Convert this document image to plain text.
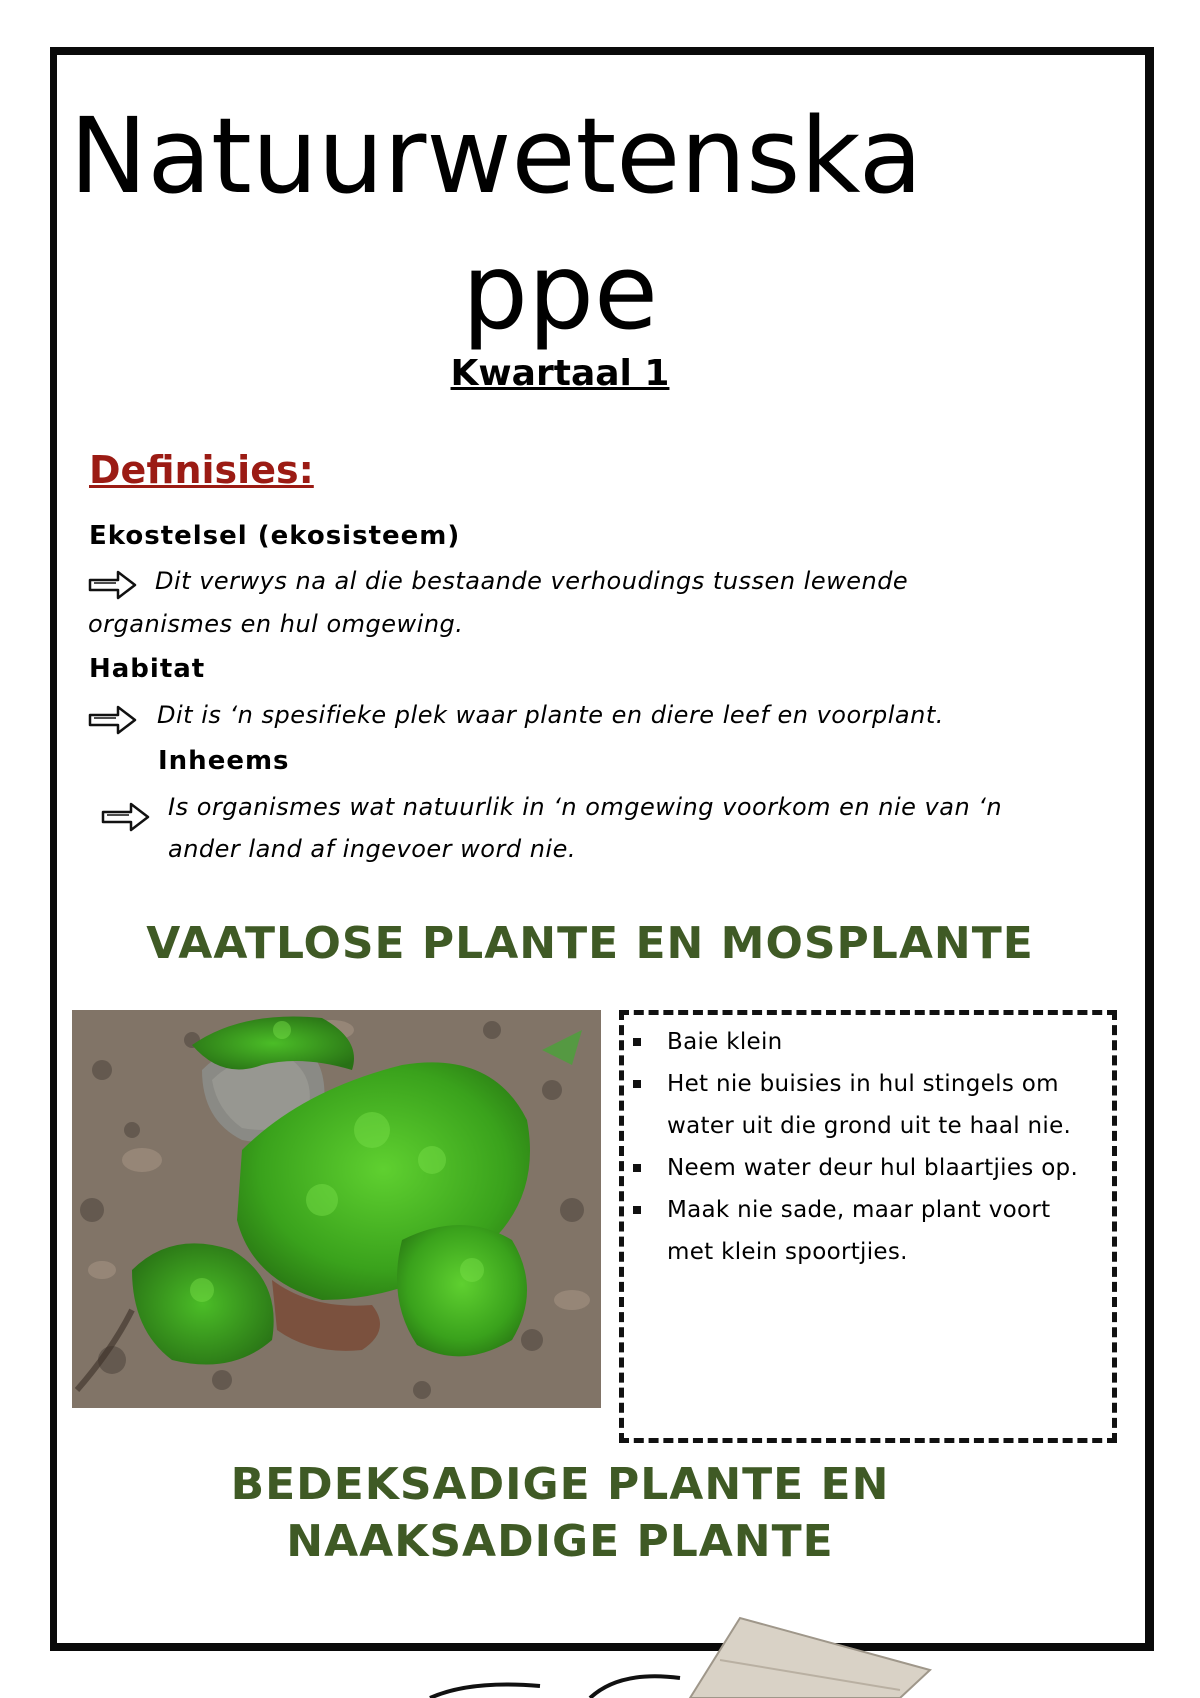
Natuurwetenska
ppe
Kwartaal 1
Definisies:
Ekostelsel (ekosisteem)
Dit verwys na al die bestaande verhoudings tussen lewende
organismes en hul omgewing.
Habitat
Dit is ‘n spesifieke plek waar plante en diere leef en voorplant.
Inheems
Is organismes wat natuurlik in ‘n omgewing voorkom en nie van ‘n
ander land af ingevoer word nie.
VAATLOSE PLANTE EN MOSPLANTE
Baie klein
Het nie buisies in hul stingels om water uit die grond uit te haal nie.
Neem water deur hul blaartjies op.
Maak nie sade, maar plant voort met klein spoortjies.
BEDEKSADIGE PLANTE EN
NAAKSADIGE PLANTE
